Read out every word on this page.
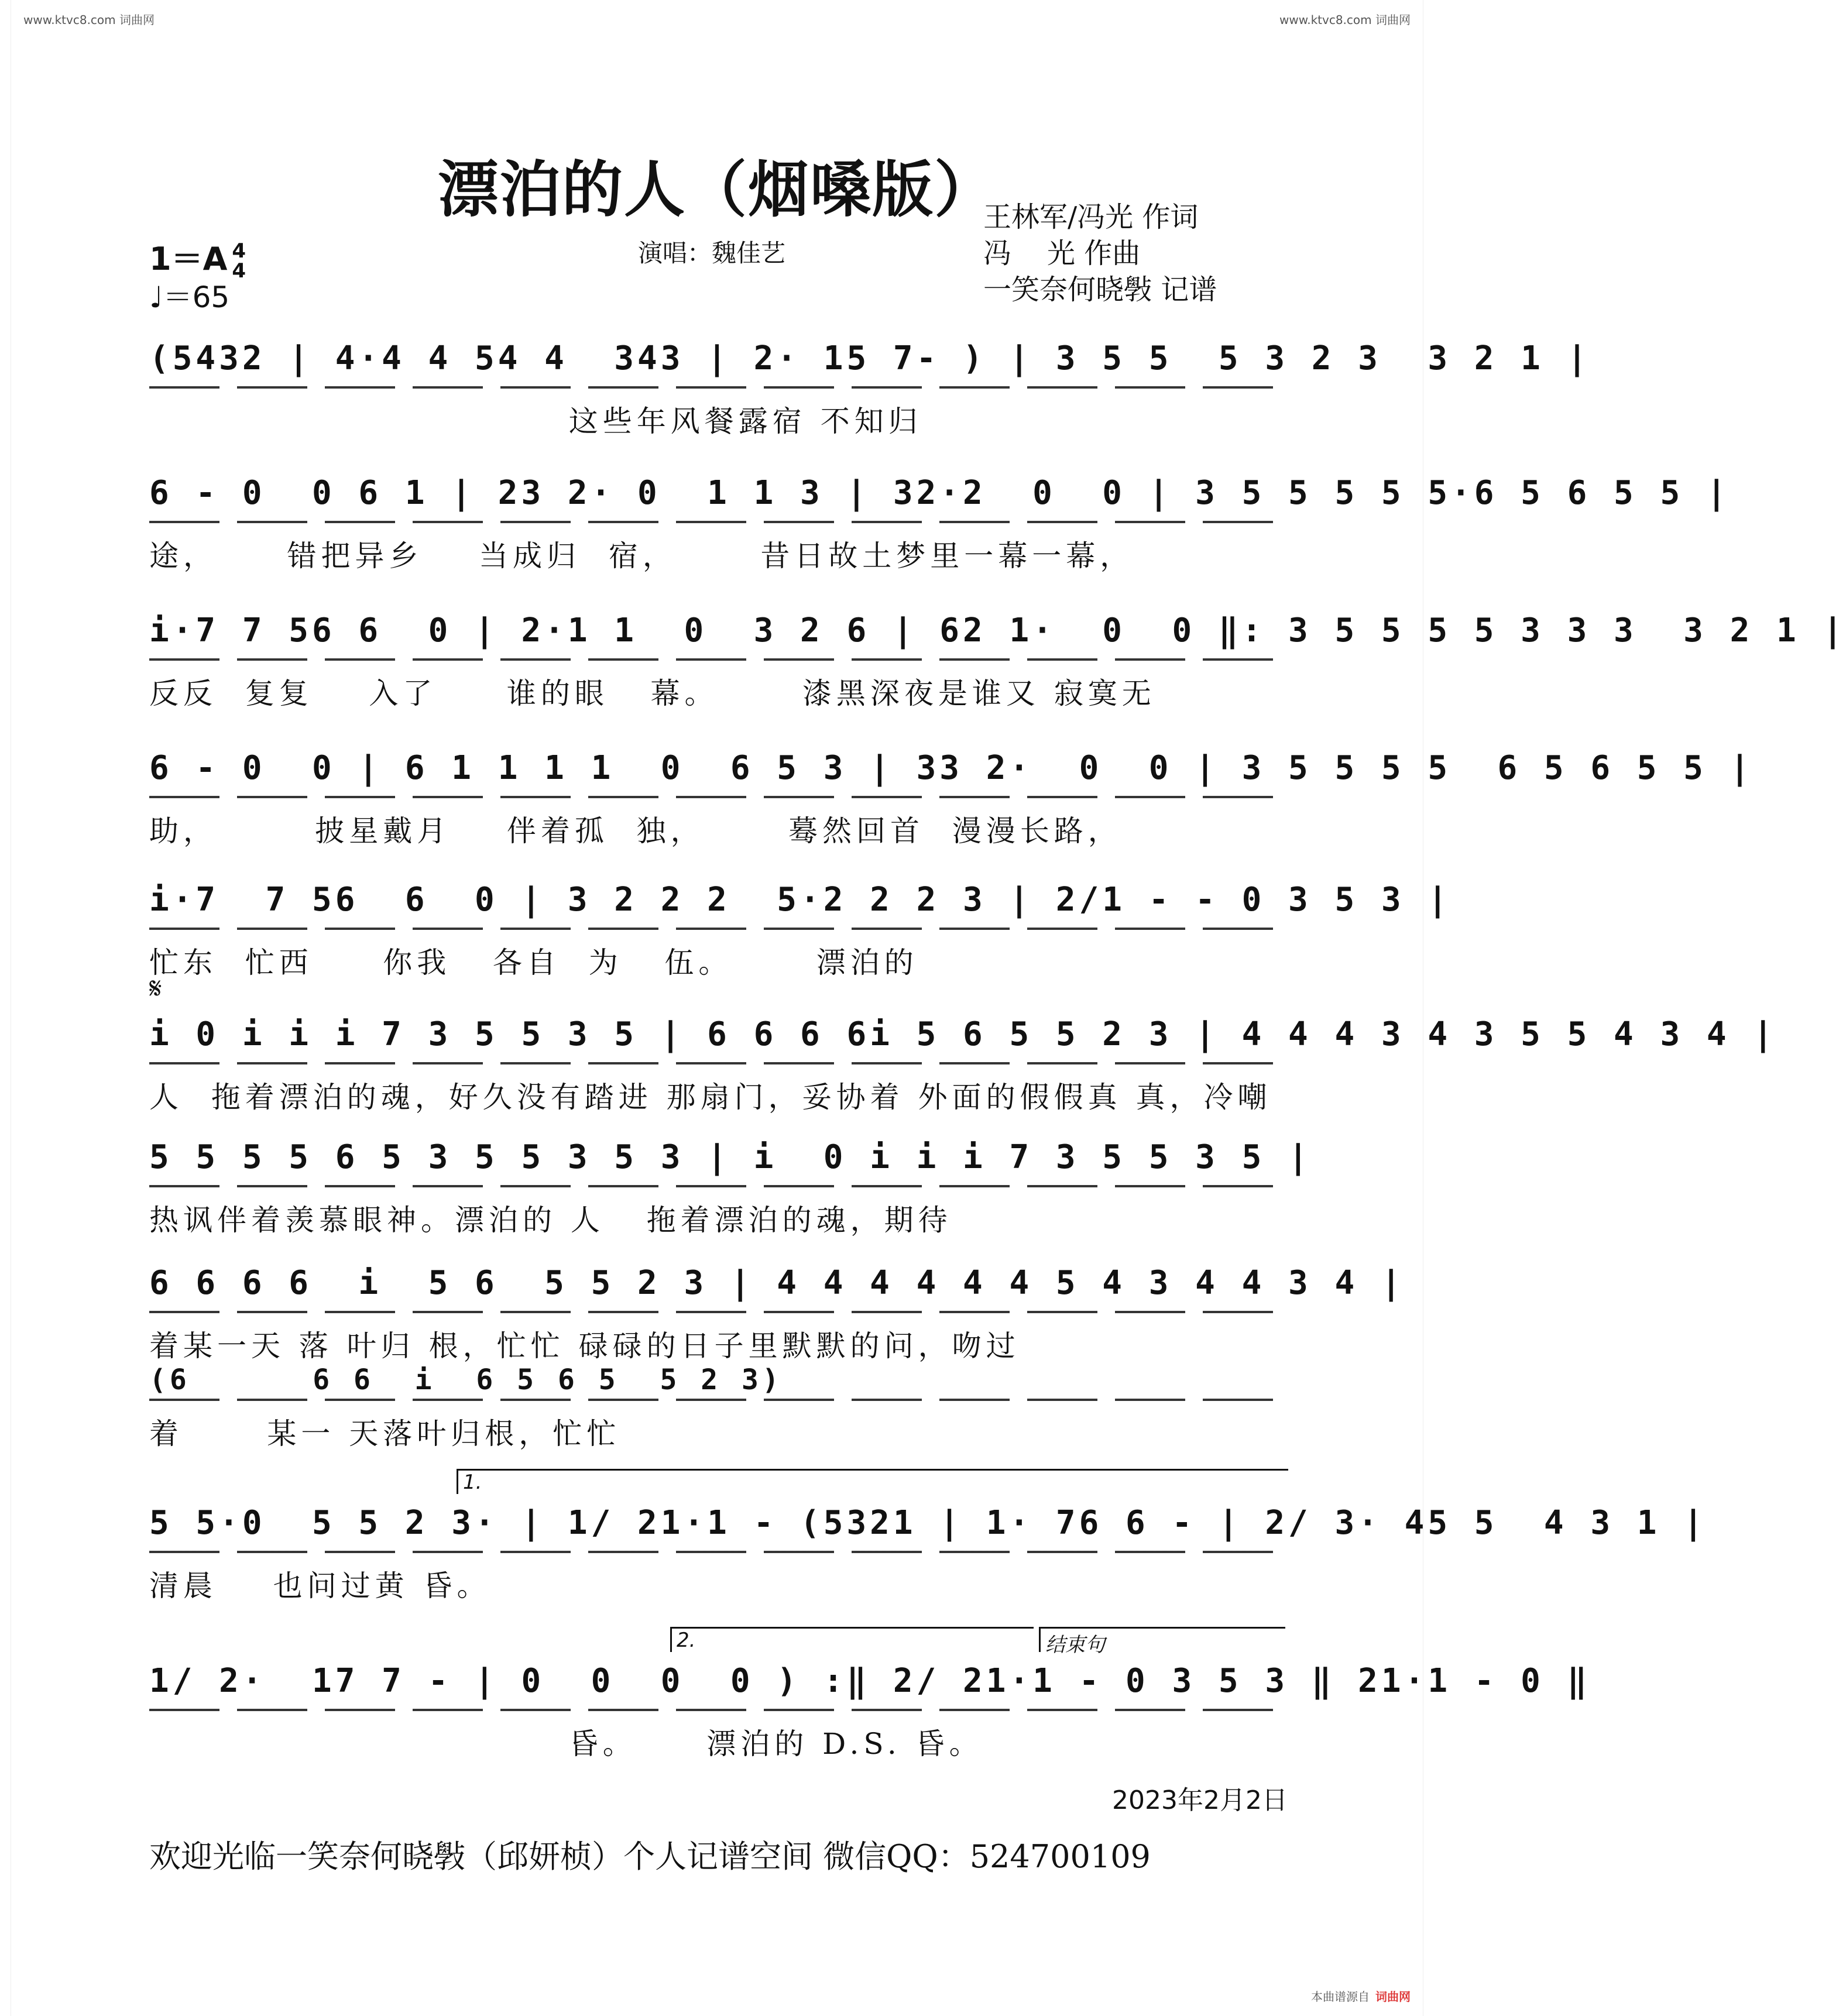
www.ktvc8.com 词曲网	www.ktvc8.com 词曲网
漂泊的人（烟嗓版）
王林军/冯光 作词
冯    光 作曲
一笑奈何晓斅 记谱
演唱：魏佳艺
1＝A 4
4
♩＝65
𝄋
(5432 | 4·4 4 54 4  343 | 2· 15 7- ) | 3 5 5  5 3 2 3  3 2 1 |
这些年风餐露宿 不知归
6 - 0  0 6 1 | 23 2· 0  1 1 3 | 32·2  0  0 | 3 5 5 5 5 5·6 5 6 5 5 |
途，     错把异乡    当成归  宿，      昔日故土梦里一幕一幕，
i·7 7 56 6  0 | 2·1 1  0  3 2 6 | 62 1·  0  0 ‖: 3 5 5 5 5 3 3 3  3 2 1 |
反反  复复    入了     谁的眼   幕。      漆黑深夜是谁又 寂寞无
6 - 0  0 | 6 1 1 1 1  0  6 5 3 | 33 2·  0  0 | 3 5 5 5 5  6 5 6 5 5 |
助，       披星戴月    伴着孤  独，      蓦然回首  漫漫长路，
i·7  7 56  6  0 | 3 2 2 2  5·2 2 2 3 | 2/1 - - 0 3 5 3 |
忙东  忙西     你我   各自  为   伍。      漂泊的
i 0 i i i 7 3 5 5 3 5 | 6 6 6 6i 5 6 5 5 2 3 | 4 4 4 3 4 3 5 5 4 3 4 |
人  拖着漂泊的魂，好久没有踏进 那扇门，妥协着 外面的假假真 真，冷嘲
5 5 5 5 6 5 3 5 5 3 5 3 | i  0 i i i 7 3 5 5 3 5 |
热讽伴着羡慕眼神。漂泊的 人   拖着漂泊的魂，期待
6 6 6 6  i  5 6  5 5 2 3 | 4 4 4 4 4 4 5 4 3 4 4 3 4 |
着某一天 落 叶归 根，忙忙 碌碌的日子里默默的问，吻过
(6      6 6  i  6 5 6 5  5 2 3)
着      某一 天落叶归根，忙忙
1.
5 5·0  5 5 2 3· | 1/ 21·1 - (5321 | 1· 76 6 - | 2/ 3· 45 5  4 3 1 |
清晨    也问过黄 昏。
2.	结束句
1/ 2·  17 7 - | 0  0  0  0 ) :‖ 2/ 21·1 - 0 3 5 3 ‖ 21·1 - 0 ‖
昏。     漂泊的 D.S. 昏。
2023年2月2日
欢迎光临一笑奈何晓斅（邱妍桢）个人记谱空间 微信QQ：524700109
本曲谱源自 词曲网
